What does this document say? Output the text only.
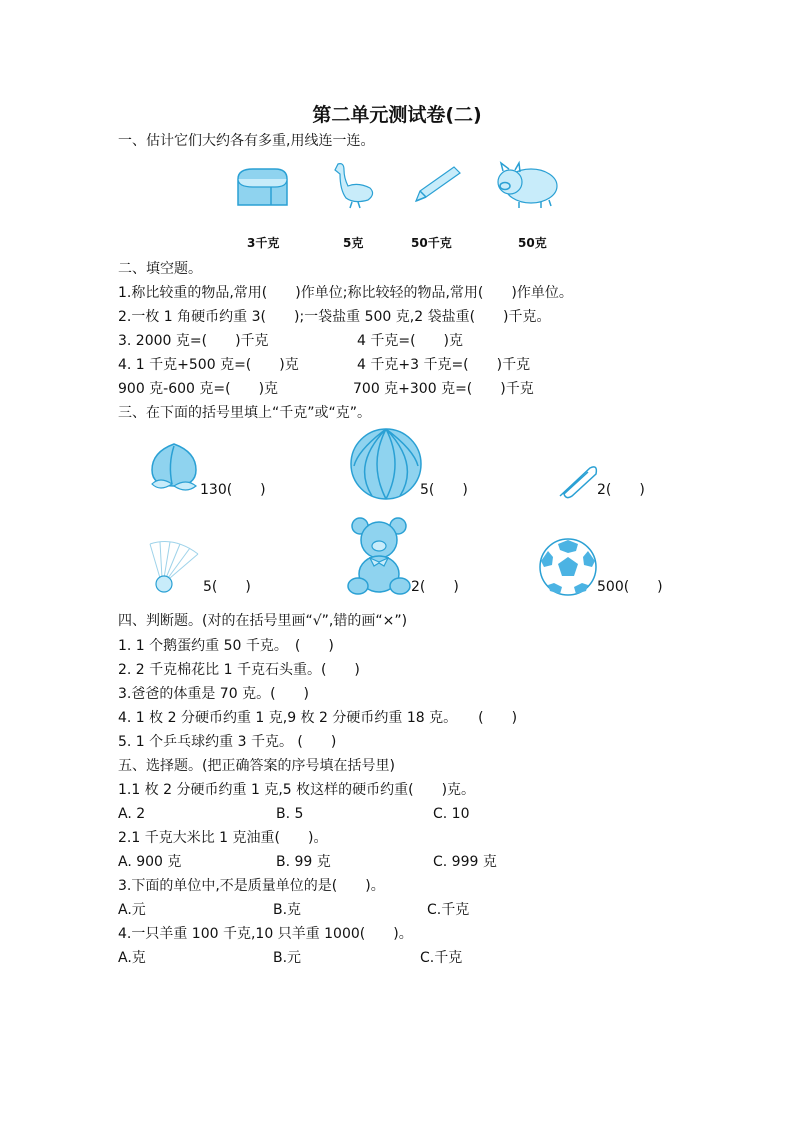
第二单元测试卷(二)
一、估计它们大约各有多重,用线连一连。
3千克	5克	50千克	50克
二、填空题。
1.称比较重的物品,常用(　　)作单位;称比较轻的物品,常用(　　)作单位。
2.一枚 1 角硬币约重 3(　　);一袋盐重 500 克,2 袋盐重(　　)千克。
3. 2000 克=(　　)千克	4 千克=(　　)克
4. 1 千克+500 克=(　　)克	4 千克+3 千克=(　　)千克
900 克-600 克=(　　)克	700 克+300 克=(　　)千克
三、在下面的括号里填上“千克”或“克”。
130(　　)	5(　　)	2(　　)
5(　　)	2(　　)	500(　　)
四、判断题。(对的在括号里画“√”,错的画“×”)
1. 1 个鹅蛋约重 50 千克。　(　　)
2. 2 千克棉花比 1 千克石头重。(　　)
3.爸爸的体重是 70 克。(　　)
4. 1 枚 2 分硬币约重 1 克,9 枚 2 分硬币约重 18 克。　　(　　)
5. 1 个乒乓球约重 3 千克。 (　　)
五、选择题。(把正确答案的序号填在括号里)
1.1 枚 2 分硬币约重 1 克,5 枚这样的硬币约重(　　)克。
A. 2	B. 5	C. 10
2.1 千克大米比 1 克油重(　　)。
A. 900 克	B. 99 克	C. 999 克
3.下面的单位中,不是质量单位的是(　　)。
A.元	B.克	C.千克
4.一只羊重 100 千克,10 只羊重 1000(　　)。
A.克	B.元	C.千克
